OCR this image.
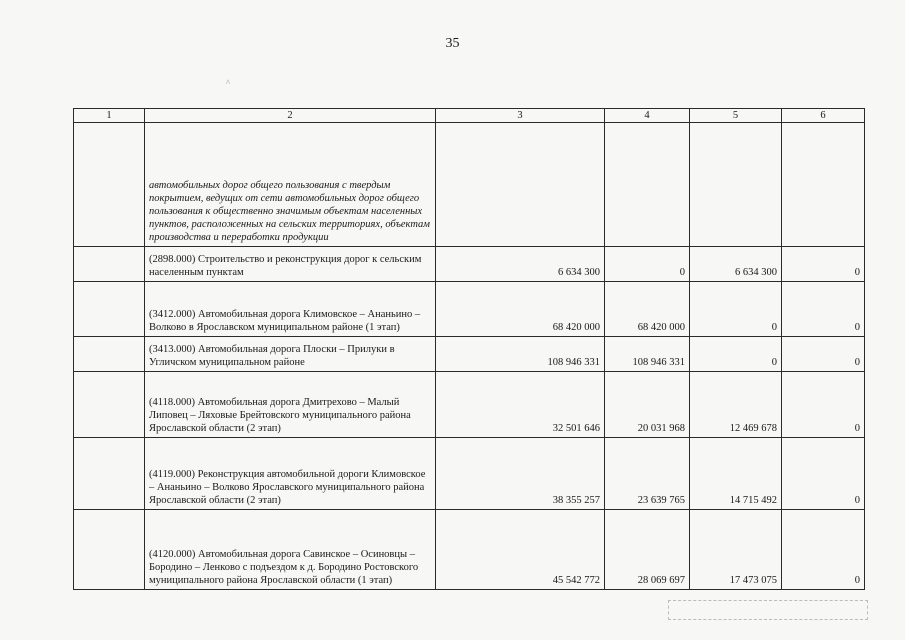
35
^
1	2	3	4	5	6
	автомобильных дорог общего пользования с твердым покрытием, ведущих от сети автомобильных дорог общего пользования к общественно значимым объектам населенных пунктов, расположенных на сельских территориях, объектам производства и переработки продукции				
	(2898.000) Строительство и реконструкция дорог к сельским населенным пунктам	6 634 300	0	6 634 300	0
	(3412.000) Автомобильная дорога Климовское – Ананьино – Волково в Ярославском муниципальном районе (1 этап)	68 420 000	68 420 000	0	0
	(3413.000) Автомобильная дорога Плоски – Прилуки в Угличском муниципальном районе	108 946 331	108 946 331	0	0
	(4118.000) Автомобильная дорога Дмитрехово – Малый Липовец – Ляховые Брейтовского муниципального района Ярославской области (2 этап)	32 501 646	20 031 968	12 469 678	0
	(4119.000) Реконструкция автомобильной дороги Климовское – Ананьино – Волково Ярославского муниципального района Ярославской области (2 этап)	38 355 257	23 639 765	14 715 492	0
	(4120.000) Автомобильная дорога Савинское – Осиновцы – Бородино – Ленково с подъездом к д. Бородино Ростовского муниципального района Ярославской области (1 этап)	45 542 772	28 069 697	17 473 075	0
